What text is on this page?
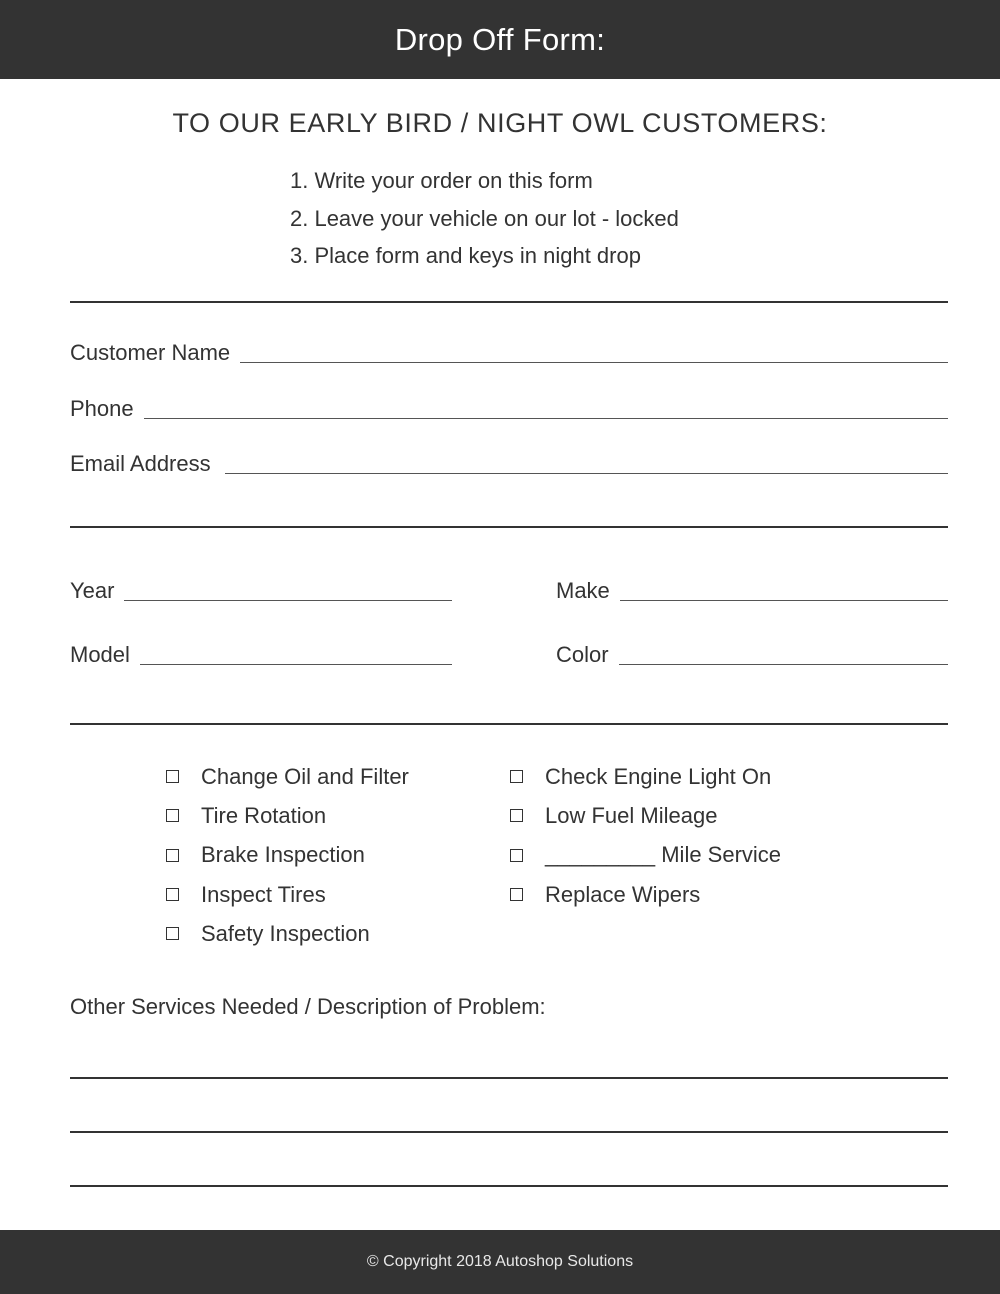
Drop Off Form:
TO OUR EARLY BIRD / NIGHT OWL CUSTOMERS:
1. Write your order on this form
2. Leave your vehicle on our lot - locked
3. Place form and keys in night drop
Customer Name
Phone
Email Address
Year	Make
Model	Color
Change Oil and Filter
Tire Rotation
Brake Inspection
Inspect Tires
Safety Inspection
Check Engine Light On
Low Fuel Mileage
_________ Mile Service
Replace Wipers
Other Services Needed / Description of Problem:
© Copyright 2018 Autoshop Solutions
